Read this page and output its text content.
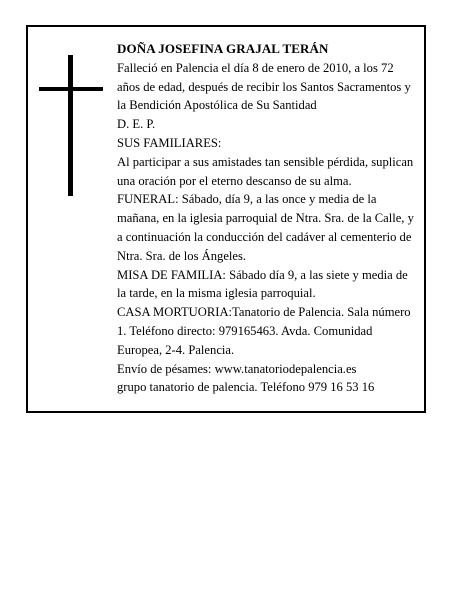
DOÑA JOSEFINA GRAJAL TERÁN

Falleció en Palencia el día 8 de enero de 2010, a los 72 años de edad, después de recibir los Santos Sacramentos y la Bendición Apostólica de Su Santidad

D. E. P.

SUS FAMILIARES:

Al participar a sus amistades tan sensible pérdida, suplican una oración por el eterno descanso de su alma.

FUNERAL: Sábado, día 9, a las once y media de la mañana, en la iglesia parroquial de Ntra. Sra. de la Calle, y a continuación la conducción del cadáver al cementerio de Ntra. Sra. de los Ángeles.

MISA DE FAMILIA: Sábado día 9, a las siete y media de la tarde, en la misma iglesia parroquial.

CASA MORTUORIA:Tanatorio de Palencia. Sala número 1. Teléfono directo: 979165463. Avda. Comunidad Europea, 2-4. Palencia.

Envío de pésames: www.tanatoriodepalencia.es

grupo tanatorio de palencia. Teléfono 979 16 53 16
